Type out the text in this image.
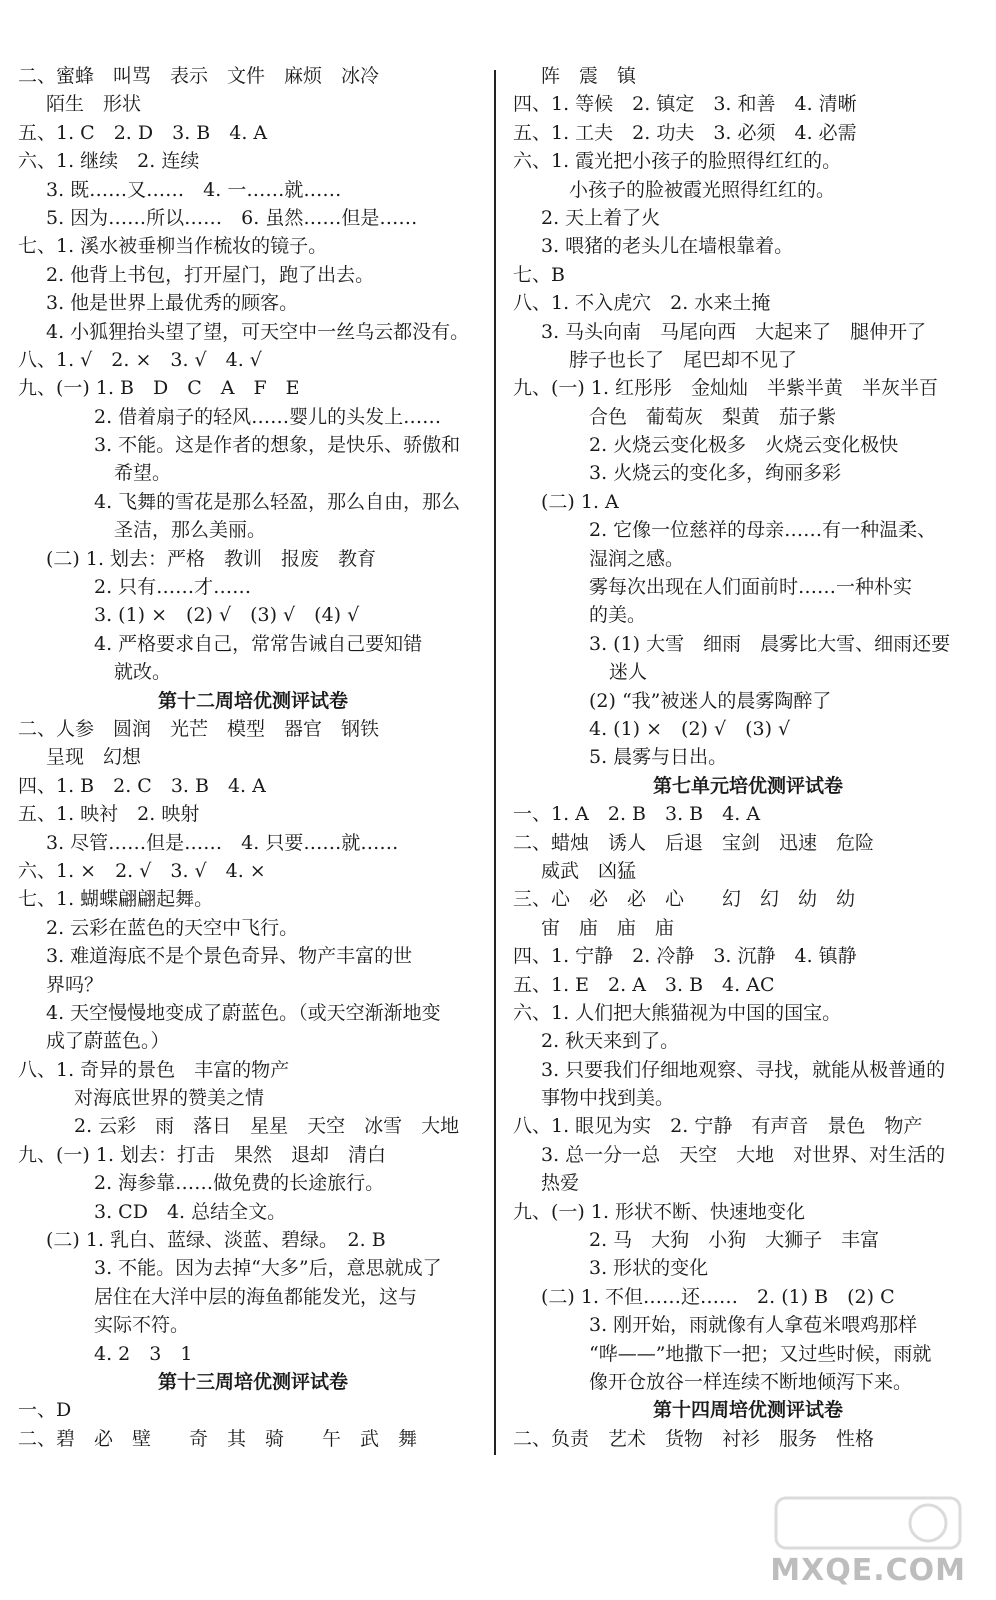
二、蜜蜂　叫骂　表示　文件　麻烦　冰冷
陌生　形状
五、1. C　2. D　3. B　4. A
六、1. 继续　2. 连续
3. 既……又……　4. 一……就……
5. 因为……所以……　6. 虽然……但是……
七、1. 溪水被垂柳当作梳妆的镜子。
2. 他背上书包，打开屋门，跑了出去。
3. 他是世界上最优秀的顾客。
4. 小狐狸抬头望了望，可天空中一丝乌云都没有。
八、1. √　2. ×　3. √　4. √
九、(一) 1. B　D　C　A　F　E
2. 借着扇子的轻风……婴儿的头发上……
3. 不能。这是作者的想象，是快乐、骄傲和
希望。
4. 飞舞的雪花是那么轻盈，那么自由，那么
圣洁，那么美丽。
(二) 1. 划去：严格　教训　报废　教育
2. 只有……才……
3. (1) ×　(2) √　(3) √　(4) √
4. 严格要求自己，常常告诫自己要知错
就改。
第十二周培优测评试卷
二、人参　圆润　光芒　模型　器官　钢铁
呈现　幻想
四、1. B　2. C　3. B　4. A
五、1. 映衬　2. 映射
3. 尽管……但是……　4. 只要……就……
六、1. ×　2. √　3. √　4. ×
七、1. 蝴蝶翩翩起舞。
2. 云彩在蓝色的天空中飞行。
3. 难道海底不是个景色奇异、物产丰富的世
界吗？
4. 天空慢慢地变成了蔚蓝色。（或天空渐渐地变
成了蔚蓝色。）
八、1. 奇异的景色　丰富的物产
对海底世界的赞美之情
2. 云彩　雨　落日　星星　天空　冰雪　大地
九、(一) 1. 划去：打击　果然　退却　清白
2. 海参靠……做免费的长途旅行。
3. CD　4. 总结全文。
(二) 1. 乳白、蓝绿、淡蓝、碧绿。　2. B
3. 不能。因为去掉“大多”后，意思就成了
居住在大洋中层的海鱼都能发光，这与
实际不符。
4. 2　3　1
第十三周培优测评试卷
一、D
二、碧　必　壁　　奇　其　骑　　午　武　舞
阵　震　镇
四、1. 等候　2. 镇定　3. 和善　4. 清晰
五、1. 工夫　2. 功夫　3. 必须　4. 必需
六、1. 霞光把小孩子的脸照得红红的。
小孩子的脸被霞光照得红红的。
2. 天上着了火
3. 喂猪的老头儿在墙根靠着。
七、B
八、1. 不入虎穴　2. 水来土掩
3. 马头向南　马尾向西　大起来了　腿伸开了
脖子也长了　尾巴却不见了
九、(一) 1. 红彤彤　金灿灿　半紫半黄　半灰半百
合色　葡萄灰　梨黄　茄子紫
2. 火烧云变化极多　火烧云变化极快
3. 火烧云的变化多，绚丽多彩
(二) 1. A
2. 它像一位慈祥的母亲……有一种温柔、
湿润之感。
雾每次出现在人们面前时……一种朴实
的美。
3. (1) 大雪　细雨　晨雾比大雪、细雨还要
迷人
(2) “我”被迷人的晨雾陶醉了
4. (1) ×　(2) √　(3) √
5. 晨雾与日出。
第七单元培优测评试卷
一、1. A　2. B　3. B　4. A
二、蜡烛　诱人　后退　宝剑　迅速　危险
威武　凶猛
三、心　必　必　心　　幻　幻　幼　幼
宙　庙　庙　庙
四、1. 宁静　2. 冷静　3. 沉静　4. 镇静
五、1. E　2. A　3. B　4. AC
六、1. 人们把大熊猫视为中国的国宝。
2. 秋天来到了。
3. 只要我们仔细地观察、寻找，就能从极普通的
事物中找到美。
八、1. 眼见为实　2. 宁静　有声音　景色　物产
3. 总一分一总　天空　大地　对世界、对生活的
热爱
九、(一) 1. 形状不断、快速地变化
2. 马　大狗　小狗　大狮子　丰富
3. 形状的变化
(二) 1. 不但……还……　2. (1) B　(2) C
3. 刚开始，雨就像有人拿苞米喂鸡那样
“哗——”地撒下一把；又过些时候，雨就
像开仓放谷一样连续不断地倾泻下来。
第十四周培优测评试卷
二、负责　艺术　货物　衬衫　服务　性格
MXQE.COM
